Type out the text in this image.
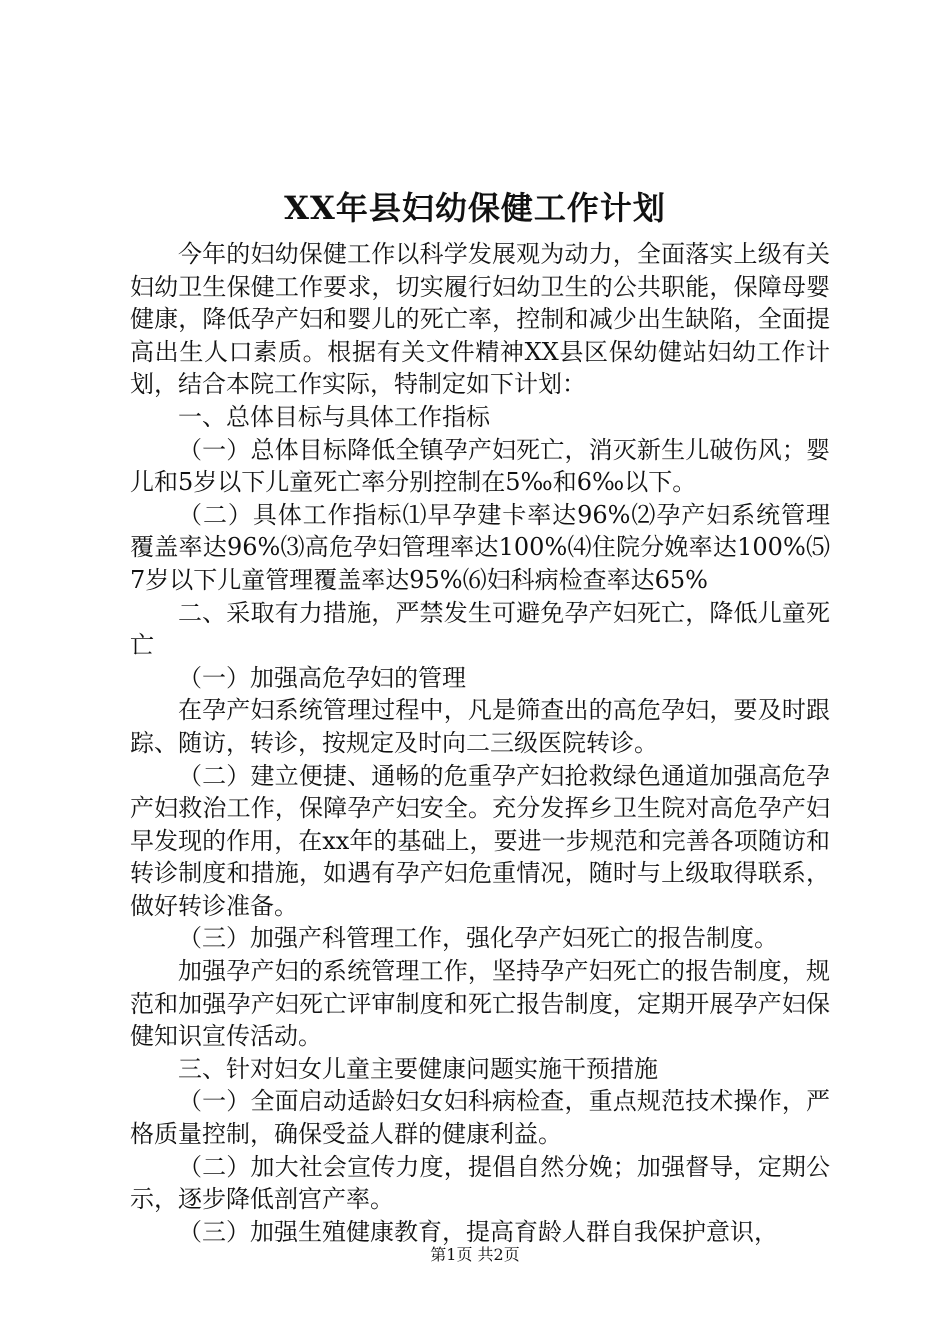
XX年县妇幼保健工作计划

今年的妇幼保健工作以科学发展观为动力，全面落实上级有关妇幼卫生保健工作要求，切实履行妇幼卫生的公共职能，保障母婴健康，降低孕产妇和婴儿的死亡率，控制和减少出生缺陷，全面提高出生人口素质。根据有关文件精神XX县区保幼健站妇幼工作计划，结合本院工作实际，特制定如下计划：

一、总体目标与具体工作指标

（一）总体目标降低全镇孕产妇死亡，消灭新生儿破伤风；婴儿和5岁以下儿童死亡率分别控制在5‰和6‰以下。

（二）具体工作指标⑴早孕建卡率达96%⑵孕产妇系统管理覆盖率达96%⑶高危孕妇管理率达100%⑷住院分娩率达100%⑸7岁以下儿童管理覆盖率达95%⑹妇科病检查率达65%

二、采取有力措施，严禁发生可避免孕产妇死亡，降低儿童死亡

（一）加强高危孕妇的管理

在孕产妇系统管理过程中，凡是筛查出的高危孕妇，要及时跟踪、随访，转诊，按规定及时向二三级医院转诊。

（二）建立便捷、通畅的危重孕产妇抢救绿色通道加强高危孕产妇救治工作，保障孕产妇安全。充分发挥乡卫生院对高危孕产妇早发现的作用，在xx年的基础上，要进一步规范和完善各项随访和转诊制度和措施，如遇有孕产妇危重情况，随时与上级取得联系，做好转诊准备。

（三）加强产科管理工作，强化孕产妇死亡的报告制度。

加强孕产妇的系统管理工作，坚持孕产妇死亡的报告制度，规范和加强孕产妇死亡评审制度和死亡报告制度，定期开展孕产妇保健知识宣传活动。

三、针对妇女儿童主要健康问题实施干预措施

（一）全面启动适龄妇女妇科病检查，重点规范技术操作，严格质量控制，确保受益人群的健康利益。

（二）加大社会宣传力度，提倡自然分娩；加强督导，定期公示，逐步降低剖宫产率。

（三）加强生殖健康教育，提高育龄人群自我保护意识，

第1页 共2页
